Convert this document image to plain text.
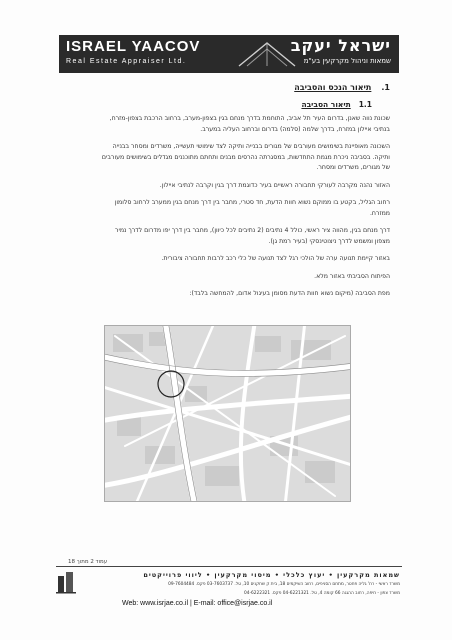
ISRAEL YAACOV
Real Estate Appraiser Ltd.
ישראל יעקב
שמאות וניהול מקרקעין בע"מ
1.תיאור הנכס והסביבה
1.1תיאור הסביבה

שכונת נווה שאנן, בדרום העיר תל אביב, התוחמת בדרך מנחם בגין בצפון-מערב, ברחוב הרכבת בצפון-מזרח, בנתיבי איילון במזרח, בדרך שלמה (סלמה) בדרום וברחוב העליה במערב.

השכונה מאופיינת בשימושים מעורבים של מגורים בבנייה ותיקה לצד שימושי תעשייה, משרדים ומסחר בבנייה ותיקה. בסביבה ניכרת מגמת התחדשות, במסגרתה נהרסים מבנים ותחתם מתוכננים מגדלים בשימושים מעורבים של מגורים, משרדים ומסחר.

האזור נהנה מקרבה לעורקי תחבורה ראשיים בעיר כדוגמת דרך בגין וקרבה לנתיבי איילון.

רחוב הגליל, בקטע בו ממוקם נשוא חוות הדעת, חד סטרי, מחבר בין דרך מנחם בגין ממערב לרחוב סלומון ממזרח.

דרך מנחם בגין, מהווה ציר ראשי, כולל 4 נתיבים (2 נתיבים לכל כיוון), מחבר בין דרך יפו מדרום לדרך נמיר מצפון ומשמש לדרך ניצוטינסקי (בעיר רמת גן).

באזור קיימת תנועה ערה של הולכי רגל לצד תנועה של כלי רכב לרבות תחבורה ציבורית.

הפיתוח הסביבתי באזור מלא.

מפת הסביבה (מיקום נשוא חוות הדעת מסומן בעיגול אדום, להמחשה בלבד):

עמוד 2 מתוך 18
שמאות מקרקעין • יעוץ כלכלי • מיסוי מקרקעין • ליווי פרוייקטים
משרד ראשי - רח' גליה פחטר, מתחם הסניפים, רחוב השיקמים 18, בית ק שחקנים 10, טל. 03-7603737 פקס. 09-7604484
משרד צפון - חיפה, רחוב ההגנה 66 קומה 4, טל. 04-6221321 פקס. 04-6222321
Web: www.isrjae.co.il | E-mail: office@isrjae.co.il
